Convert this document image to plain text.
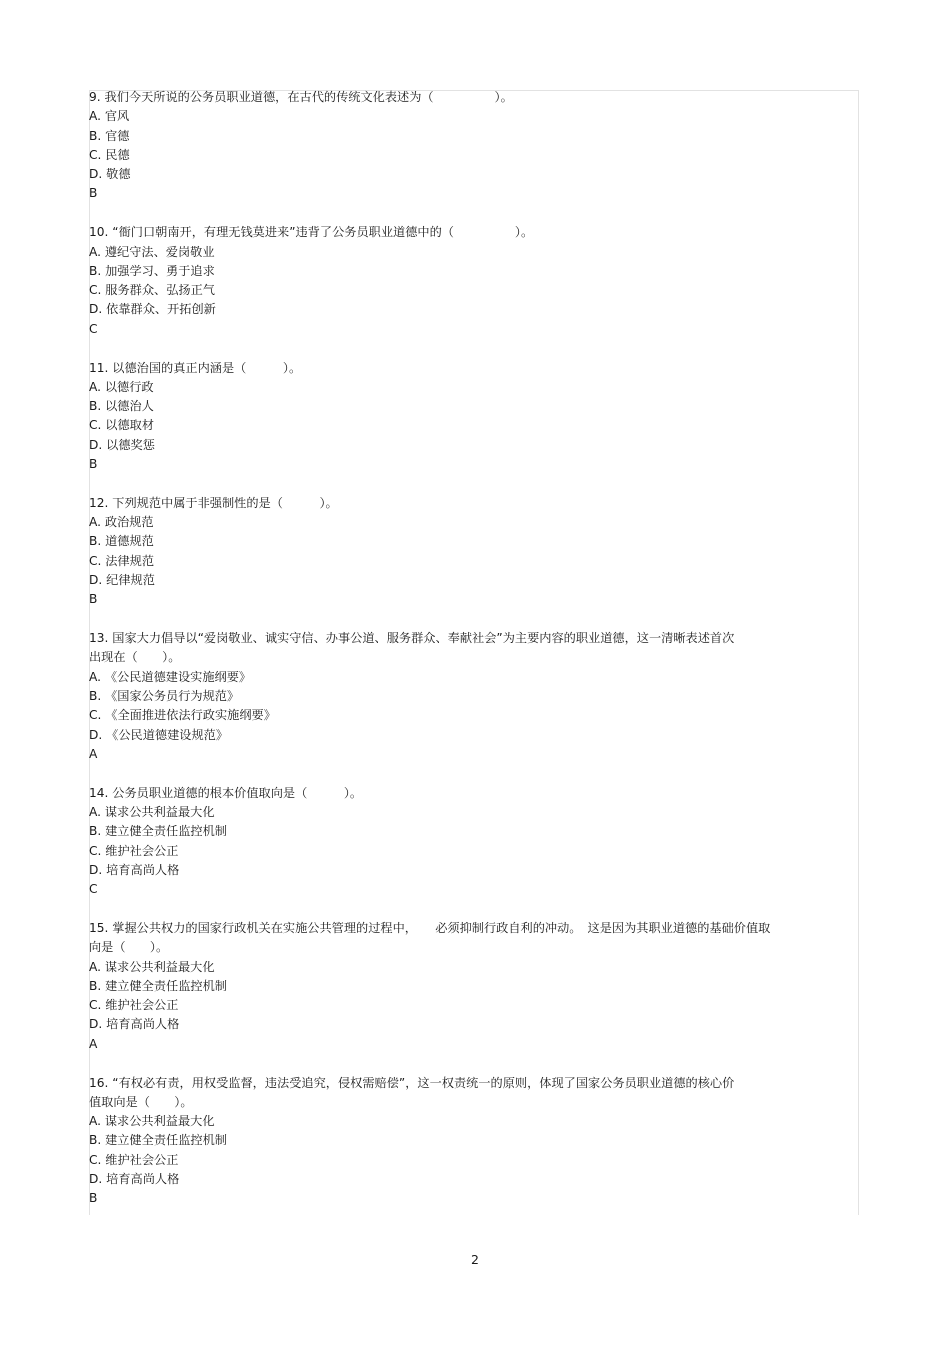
9. 我们今天所说的公务员职业道德，在古代的传统文化表述为（　　　　　）。
A. 官风
B. 官德
C. 民德
D. 敬德
B
10. “衙门口朝南开，有理无钱莫进来”违背了公务员职业道德中的（　　　　　）。
A. 遵纪守法、爱岗敬业
B. 加强学习、勇于追求
C. 服务群众、弘扬正气
D. 依靠群众、开拓创新
C
11. 以德治国的真正内涵是（　　　）。
A. 以德行政
B. 以德治人
C. 以德取材
D. 以德奖惩
B
12. 下列规范中属于非强制性的是（　　　）。
A. 政治规范
B. 道德规范
C. 法律规范
D. 纪律规范
B
13. 国家大力倡导以“爱岗敬业、诚实守信、办事公道、服务群众、奉献社会”为主要内容的职业道德，这一清晰表述首次
出现在（　　）。
A. 《公民道德建设实施纲要》
B. 《国家公务员行为规范》
C. 《全面推进依法行政实施纲要》
D. 《公民道德建设规范》
A
14. 公务员职业道德的根本价值取向是（　　　）。
A. 谋求公共利益最大化
B. 建立健全责任监控机制
C. 维护社会公正
D. 培育高尚人格
C
15. 掌握公共权力的国家行政机关在实施公共管理的过程中，　　必须抑制行政自利的冲动。　这是因为其职业道德的基础价值取
向是（　　）。
A. 谋求公共利益最大化
B. 建立健全责任监控机制
C. 维护社会公正
D. 培育高尚人格
A
16. “有权必有责，用权受监督，违法受追究，侵权需赔偿”，这一权责统一的原则，体现了国家公务员职业道德的核心价
值取向是（　　）。
A. 谋求公共利益最大化
B. 建立健全责任监控机制
C. 维护社会公正
D. 培育高尚人格
B
2
